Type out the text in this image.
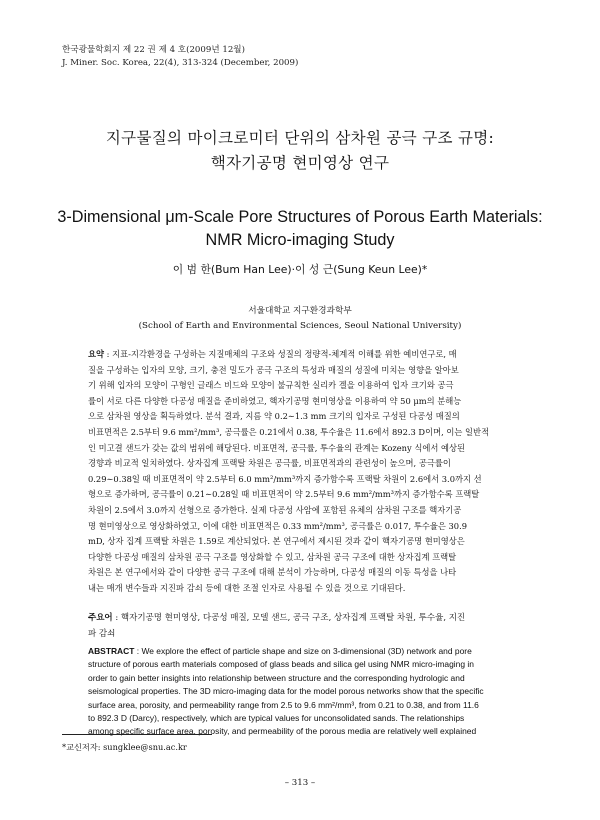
한국광물학회지 제 22 권 제 4 호(2009년 12월)
J. Miner. Soc. Korea, 22(4), 313-324 (December, 2009)
지구물질의 마이크로미터 단위의 삼차원 공극 구조 규명:
핵자기공명 현미영상 연구
3-Dimensional μm-Scale Pore Structures of Porous Earth Materials:
NMR Micro-imaging Study
이 범 한(Bum Han Lee)·이 성 근(Sung Keun Lee)*
서울대학교 지구환경과학부
(School of Earth and Environmental Sciences, Seoul National University)

요약 : 지표-지각환경을 구성하는 지질매체의 구조와 성질의 정량적-체계적 이해를 위한 예비연구로, 매

질을 구성하는 입자의 모양, 크기, 충전 밀도가 공극 구조의 특성과 매질의 성질에 미치는 영향을 알아보

기 위해 입자의 모양이 구형인 글래스 비드와 모양이 불규칙한 실리카 겔을 이용하여 입자 크기와 공극

률이 서로 다른 다양한 다공성 매질을 준비하였고, 핵자기공명 현미영상을 이용하여 약 50 μm의 분해능

으로 삼차원 영상을 획득하였다. 분석 결과, 지름 약 0.2∼1.3 mm 크기의 입자로 구성된 다공성 매질의

비표면적은 2.5부터 9.6 mm²/mm³, 공극률은 0.21에서 0.38, 투수율은 11.6에서 892.3 D이며, 이는 일반적

인 미고결 샌드가 갖는 값의 범위에 해당된다. 비표면적, 공극률, 투수율의 관계는 Kozeny 식에서 예상된

경향과 비교적 일치하였다. 상자집계 프랙탈 차원은 공극률, 비표면적과의 관련성이 높으며, 공극률이

0.29∼0.38일 때 비표면적이 약 2.5부터 6.0 mm²/mm³까지 증가함수록 프랙탈 차원이 2.6에서 3.0까지 선

형으로 증가하며, 공극률이 0.21∼0.28일 때 비표면적이 약 2.5부터 9.6 mm²/mm³까지 증가함수록 프랙탈

차원이 2.5에서 3.0까지 선형으로 증가한다. 실제 다공성 사암에 포함된 유체의 삼차원 구조를 핵자기공

명 현미영상으로 영상화하였고, 이에 대한 비표면적은 0.33 mm²/mm³, 공극률은 0.017, 투수율은 30.9

mD, 상자 집계 프랙탈 차원은 1.59로 계산되었다. 본 연구에서 제시된 것과 같이 핵자기공명 현미영상은

다양한 다공성 매질의 삼차원 공극 구조를 영상화할 수 있고, 삼차원 공극 구조에 대한 상자집계 프랙탈

차원은 본 연구에서와 같이 다양한 공극 구조에 대해 분석이 가능하며, 다공성 매질의 이동 특성을 나타

내는 매개 변수들과 지진파 감쇠 등에 대한 조절 인자로 사용될 수 있을 것으로 기대된다.

주요어 : 핵자기공명 현미영상, 다공성 매질, 모델 샌드, 공극 구조, 상자집계 프랙탈 차원, 투수율, 지진

파 감쇠

ABSTRACT : We explore the effect of particle shape and size on 3-dimensional (3D) network and pore

structure of porous earth materials composed of glass beads and silica gel using NMR micro-imaging in

order to gain better insights into relationship between structure and the corresponding hydrologic and

seismological properties. The 3D micro-imaging data for the model porous networks show that the specific

surface area, porosity, and permeability range from 2.5 to 9.6 mm²/mm³, from 0.21 to 0.38, and from 11.6

to 892.3 D (Darcy), respectively, which are typical values for unconsolidated sands. The relationships

among specific surface area, porosity, and permeability of the porous media are relatively well explained

*교신저자: sungklee@snu.ac.kr
– 313 –
